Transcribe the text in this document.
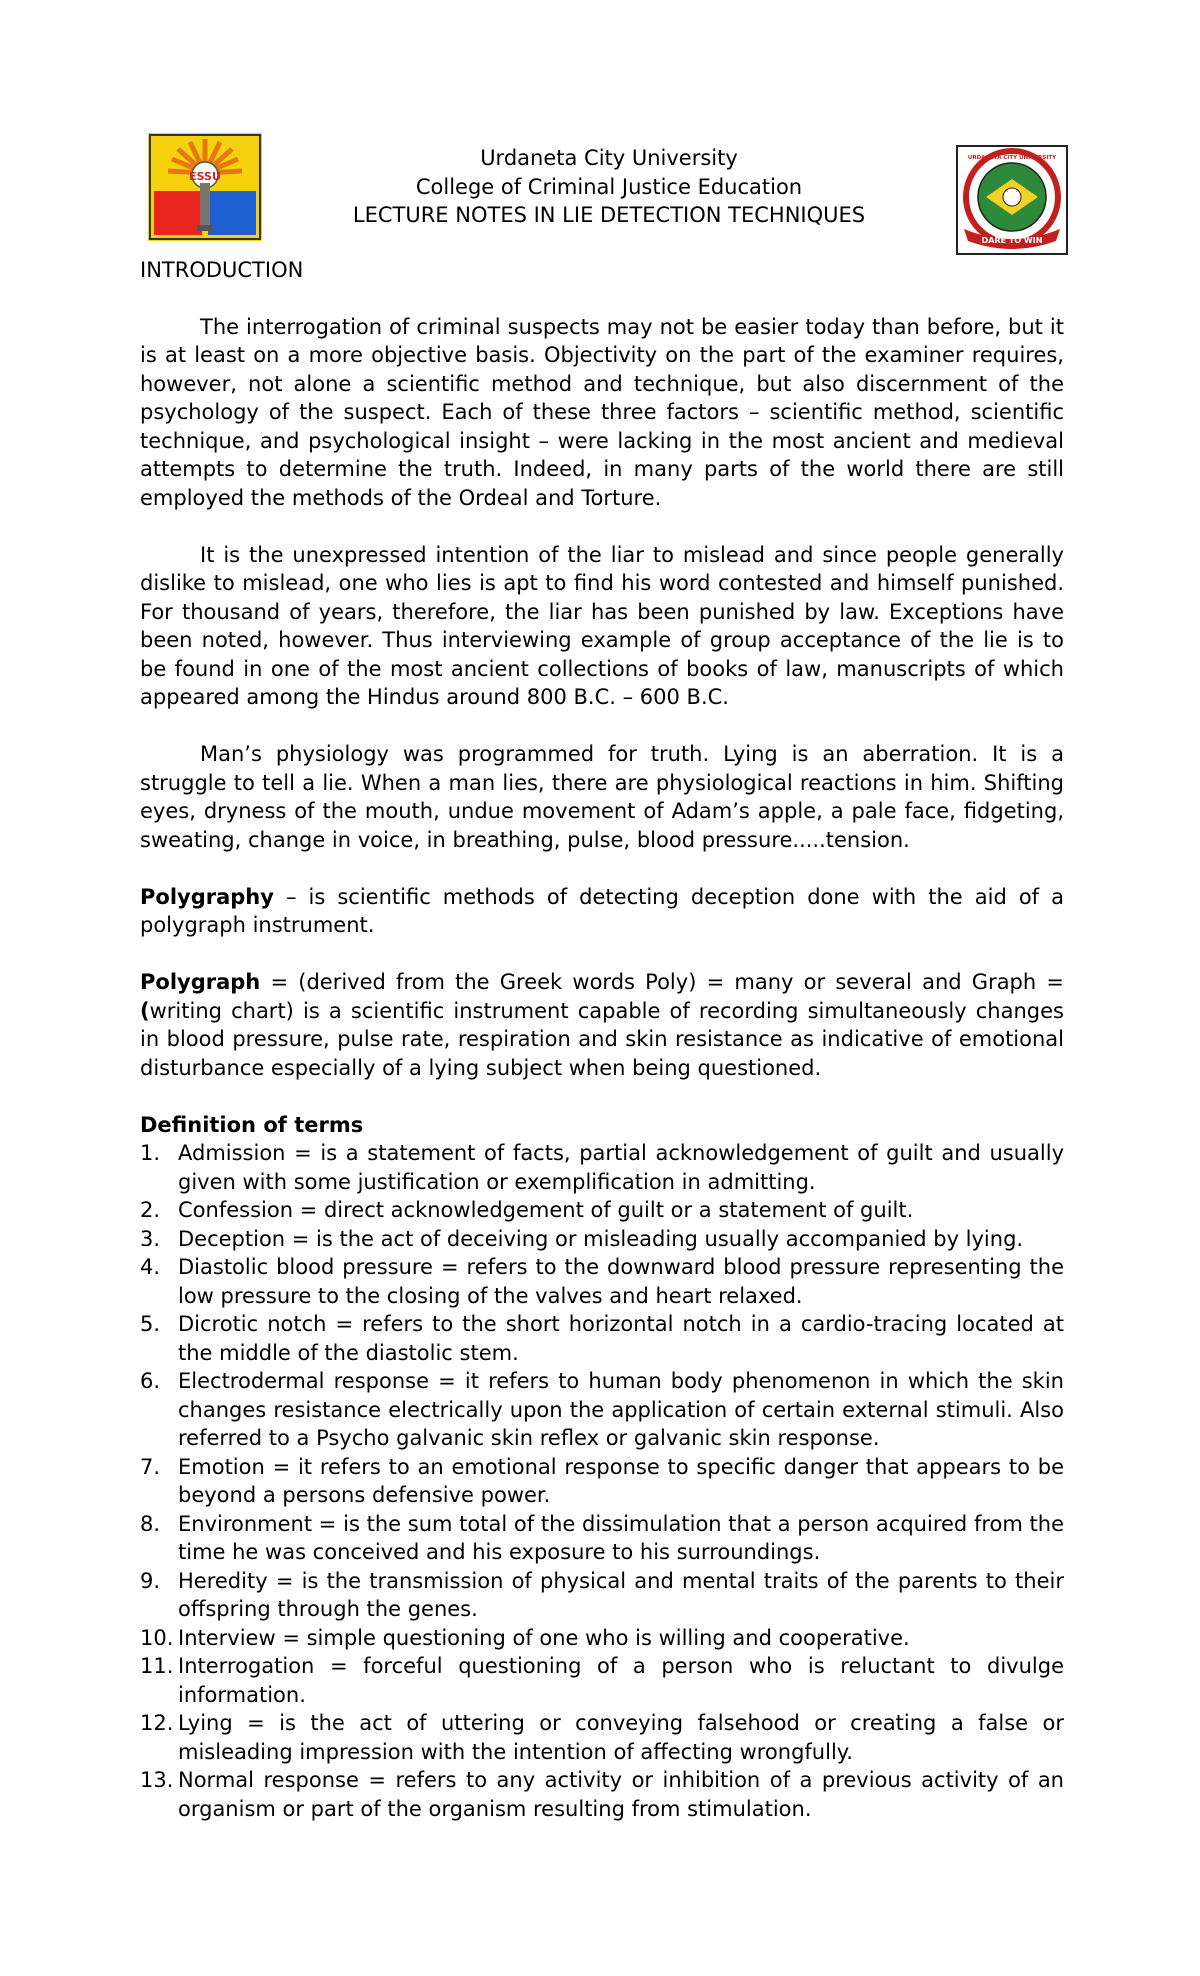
ESSU
Urdaneta City University
College of Criminal Justice Education
LECTURE NOTES IN LIE DETECTION TECHNIQUES
DARE TO WIN
URDANETA CITY UNIVERSITY
INTRODUCTION

The interrogation of criminal suspects may not be easier today than before, but it is at least on a more objective basis. Objectivity on the part of the examiner requires, however, not alone a scientific method and technique, but also discernment of the psychology of the suspect. Each of these three factors – scientific method, scientific technique, and psychological insight – were lacking in the most ancient and medieval attempts to determine the truth. Indeed, in many parts of the world there are still employed the methods of the Ordeal and Torture.

It is the unexpressed intention of the liar to mislead and since people generally dislike to mislead, one who lies is apt to find his word contested and himself punished. For thousand of years, therefore, the liar has been punished by law. Exceptions have been noted, however. Thus interviewing example of group acceptance of the lie is to be found in one of the most ancient collections of books of law, manuscripts of which appeared among the Hindus around 800 B.C. – 600 B.C.

Man’s physiology was programmed for truth. Lying is an aberration. It is a struggle to tell a lie. When a man lies, there are physiological reactions in him. Shifting eyes, dryness of the mouth, undue movement of Adam’s apple, a pale face, fidgeting, sweating, change in voice, in breathing, pulse, blood pressure.....tension.

Polygraphy – is scientific methods of detecting deception done with the aid of a polygraph instrument.

Polygraph = (derived from the Greek words Poly) = many or several and Graph = (writing chart) is a scientific instrument capable of recording simultaneously changes in blood pressure, pulse rate, respiration and skin resistance as indicative of emotional disturbance especially of a lying subject when being questioned.

Definition of terms
1. Admission = is a statement of facts, partial acknowledgement of guilt and usually given with some justification or exemplification in admitting.
2. Confession = direct acknowledgement of guilt or a statement of guilt.
3. Deception = is the act of deceiving or misleading usually accompanied by lying.
4. Diastolic blood pressure = refers to the downward blood pressure representing the low pressure to the closing of the valves and heart relaxed.
5. Dicrotic notch = refers to the short horizontal notch in a cardio-tracing located at the middle of the diastolic stem.
6. Electrodermal response = it refers to human body phenomenon in which the skin changes resistance electrically upon the application of certain external stimuli. Also referred to a Psycho galvanic skin reflex or galvanic skin response.
7. Emotion = it refers to an emotional response to specific danger that appears to be beyond a persons defensive power.
8. Environment = is the sum total of the dissimulation that a person acquired from the time he was conceived and his exposure to his surroundings.
9. Heredity = is the transmission of physical and mental traits of the parents to their offspring through the genes.
10. Interview = simple questioning of one who is willing and cooperative.
11. Interrogation = forceful questioning of a person who is reluctant to divulge information.
12. Lying = is the act of uttering or conveying falsehood or creating a false or misleading impression with the intention of affecting wrongfully.
13. Normal response = refers to any activity or inhibition of a previous activity of an organism or part of the organism resulting from stimulation.
